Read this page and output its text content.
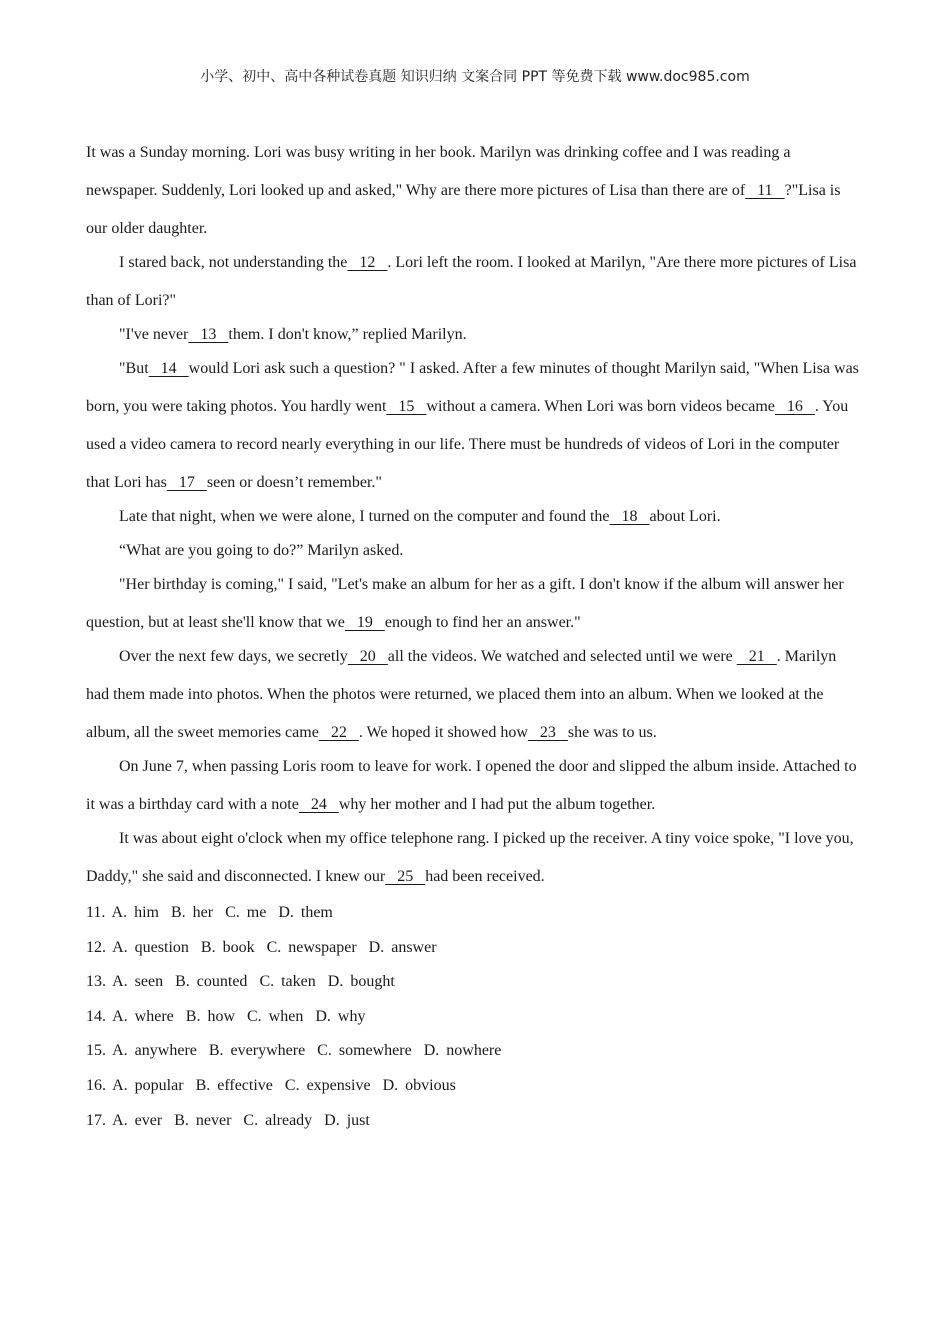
小学、初中、高中各种试卷真题 知识归纳 文案合同 PPT 等免费下载 www.doc985.com

It was a Sunday morning. Lori was busy writing in her book. Marilyn was drinking coffee and I was reading a newspaper. Suddenly, Lori looked up and asked," Why are there more pictures of Lisa than there are of   11   ?"Lisa is our older daughter.

I stared back, not understanding the   12   . Lori left the room. I looked at Marilyn, "Are there more pictures of Lisa than of Lori?"

"I've never   13   them. I don't know,” replied Marilyn.

"But   14   would Lori ask such a question? " I asked. After a few minutes of thought Marilyn said, "When Lisa was born, you were taking photos. You hardly went   15   without a camera. When Lori was born videos became   16   . You used a video camera to record nearly everything in our life. There must be hundreds of videos of Lori in the computer that Lori has   17   seen or doesn’t remember."

Late that night, when we were alone, I turned on the computer and found the   18   about Lori.

“What are you going to do?” Marilyn asked.

"Her birthday is coming," I said, "Let's make an album for her as a gift. I don't know if the album will answer her question, but at least she'll know that we   19   enough to find her an answer."

Over the next few days, we secretly   20   all the videos. We watched and selected until we were    21   . Marilyn had them made into photos. When the photos were returned, we placed them into an album. When we looked at the album, all the sweet memories came   22   . We hoped it showed how   23   she was to us.

On June 7, when passing Loris room to leave for work. I opened the door and slipped the album inside. Attached to it was a birthday card with a note   24   why her mother and I had put the album together.

It was about eight o'clock when my office telephone rang. I picked up the receiver. A tiny voice spoke, "I love you, Daddy," she said and disconnected. I knew our   25   had been received.

11. A. him B. her C. me D. them
12. A. question B. book C. newspaper D. answer
13. A. seen B. counted C. taken D. bought
14. A. where B. how C. when D. why
15. A. anywhere B. everywhere C. somewhere D. nowhere
16. A. popular B. effective C. expensive D. obvious
17. A. ever B. never C. already D. just
